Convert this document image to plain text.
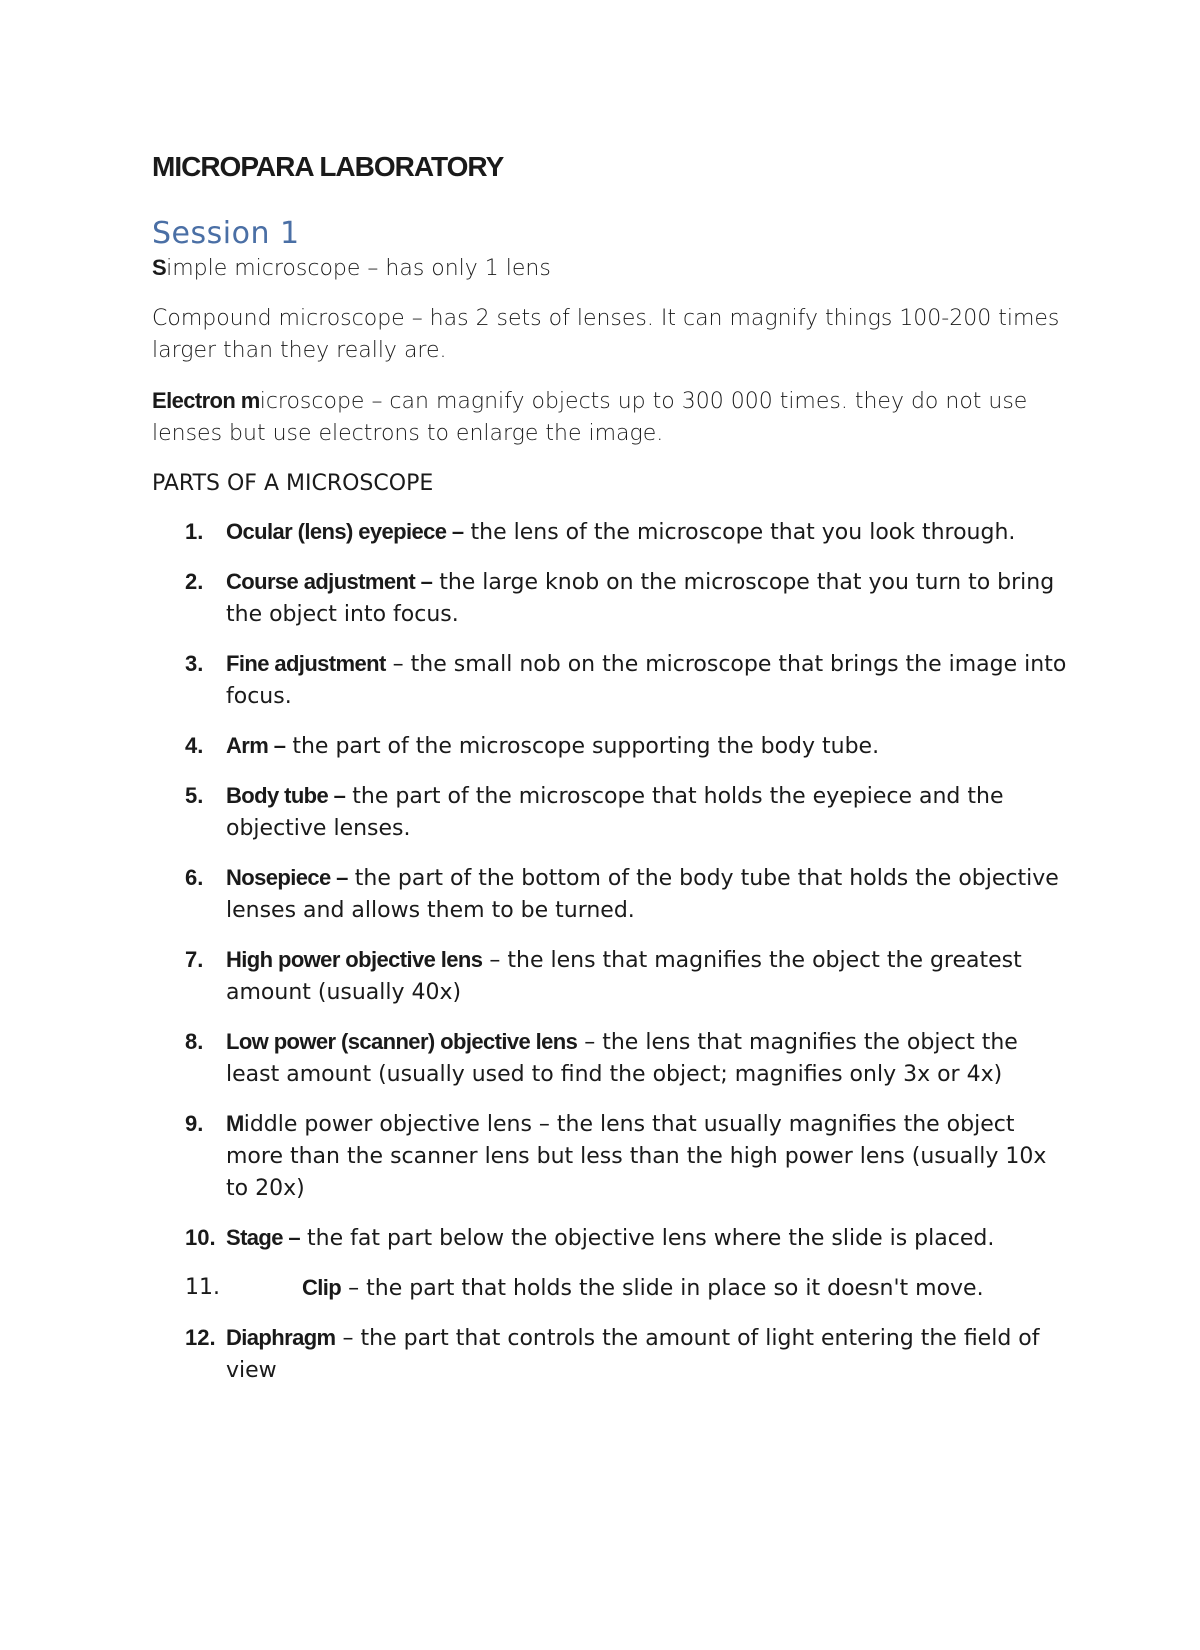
MICROPARA LABORATORY
Session 1

Simple microscope – has only 1 lens

Compound microscope – has 2 sets of lenses. It can magnify things 100-200 times larger than they really are.

Electron microscope – can magnify objects up to 300 000 times. they do not use lenses but use electrons to enlarge the image.

PARTS OF A MICROSCOPE

1. Ocular (lens) eyepiece – the lens of the microscope that you look through.
2. Course adjustment – the large knob on the microscope that you turn to bring the object into focus.
3. Fine adjustment – the small nob on the microscope that brings the image into focus.
4. Arm – the part of the microscope supporting the body tube.
5. Body tube – the part of the microscope that holds the eyepiece and the objective lenses.
6. Nosepiece – the part of the bottom of the body tube that holds the objective lenses and allows them to be turned.
7. High power objective lens – the lens that magnifies the object the greatest amount (usually 40x)
8. Low power (scanner) objective lens – the lens that magnifies the object the least amount (usually used to find the object; magnifies only 3x or 4x)
9. Middle power objective lens – the lens that usually magnifies the object more than the scanner lens but less than the high power lens (usually 10x to 20x)
10. Stage – the fat part below the objective lens where the slide is placed.
11.	Clip – the part that holds the slide in place so it doesn't move.
12. Diaphragm – the part that controls the amount of light entering the field of view
